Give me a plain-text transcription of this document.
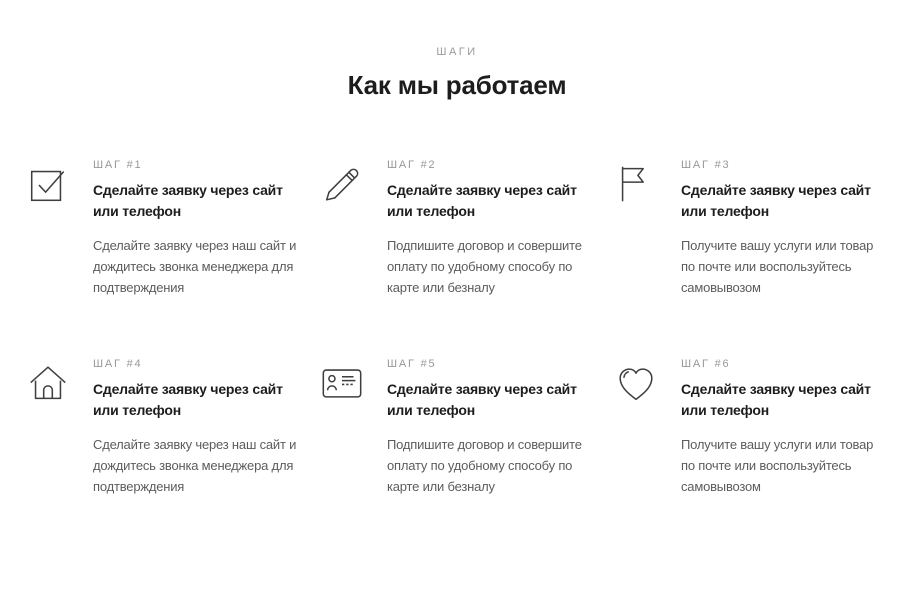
ШАГИ
Как мы работаем
ШАГ #1
Сделайте заявку через сайт или телефон
Сделайте заявку через наш сайт и дождитесь звонка менеджера для подтверждения
ШАГ #2
Сделайте заявку через сайт или телефон
Подпишите договор и совершите оплату по удобному способу по карте или безналу
ШАГ #3
Сделайте заявку через сайт или телефон
Получите вашу услуги или товар по почте или воспользуйтесь самовывозом
ШАГ #4
Сделайте заявку через сайт или телефон
Сделайте заявку через наш сайт и дождитесь звонка менеджера для подтверждения
ШАГ #5
Сделайте заявку через сайт или телефон
Подпишите договор и совершите оплату по удобному способу по карте или безналу
ШАГ #6
Сделайте заявку через сайт или телефон
Получите вашу услуги или товар по почте или воспользуйтесь самовывозом
